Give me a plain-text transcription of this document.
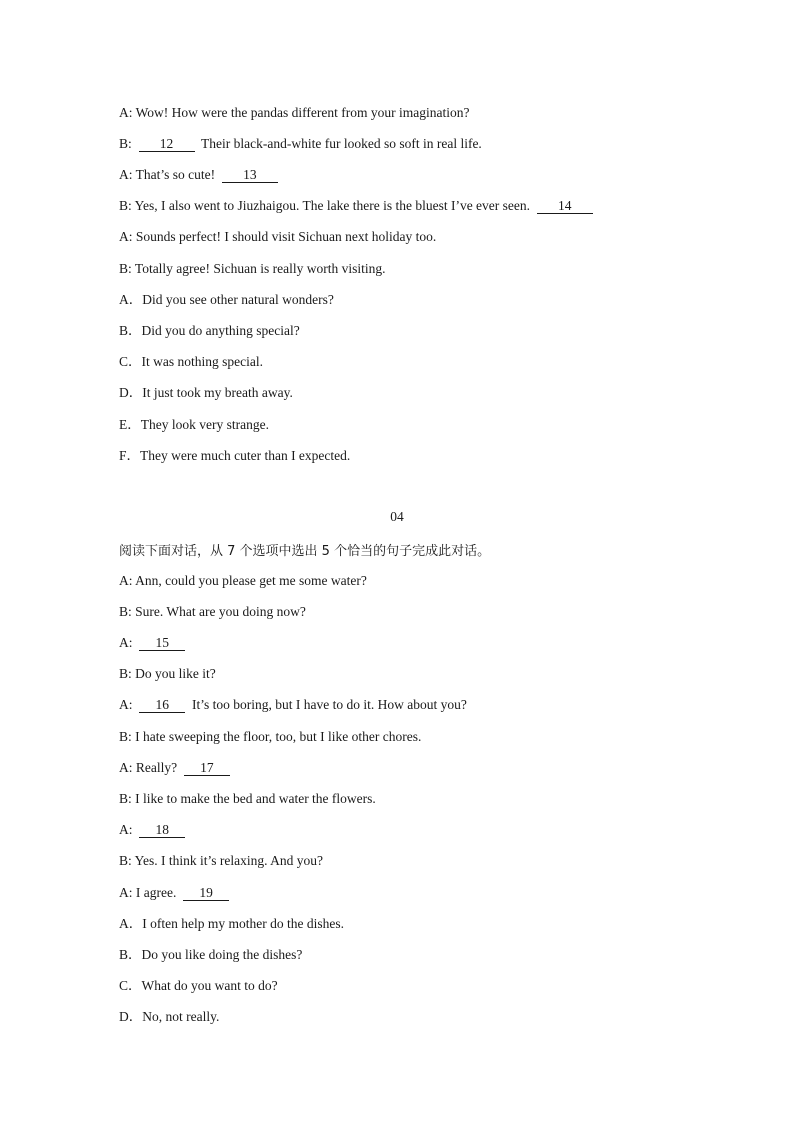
A: Wow! How were the pandas different from your imagination?
B: 12 Their black-and-white fur looked so soft in real life.
A: That’s so cute! 13
B: Yes, I also went to Jiuzhaigou. The lake there is the bluest I’ve ever seen. 14
A: Sounds perfect! I should visit Sichuan next holiday too.
B: Totally agree! Sichuan is really worth visiting.
A．Did you see other natural wonders?
B．Did you do anything special?
C．It was nothing special.
D．It just took my breath away.
E．They look very strange.
F．They were much cuter than I expected.
04
阅读下面对话，从 7 个选项中选出 5 个恰当的句子完成此对话。
A: Ann, could you please get me some water?
B: Sure. What are you doing now?
A: 15
B: Do you like it?
A: 16 It’s too boring, but I have to do it. How about you?
B: I hate sweeping the floor, too, but I like other chores.
A: Really? 17
B: I like to make the bed and water the flowers.
A: 18
B: Yes. I think it’s relaxing. And you?
A: I agree. 19
A．I often help my mother do the dishes.
B．Do you like doing the dishes?
C．What do you want to do?
D．No, not really.
